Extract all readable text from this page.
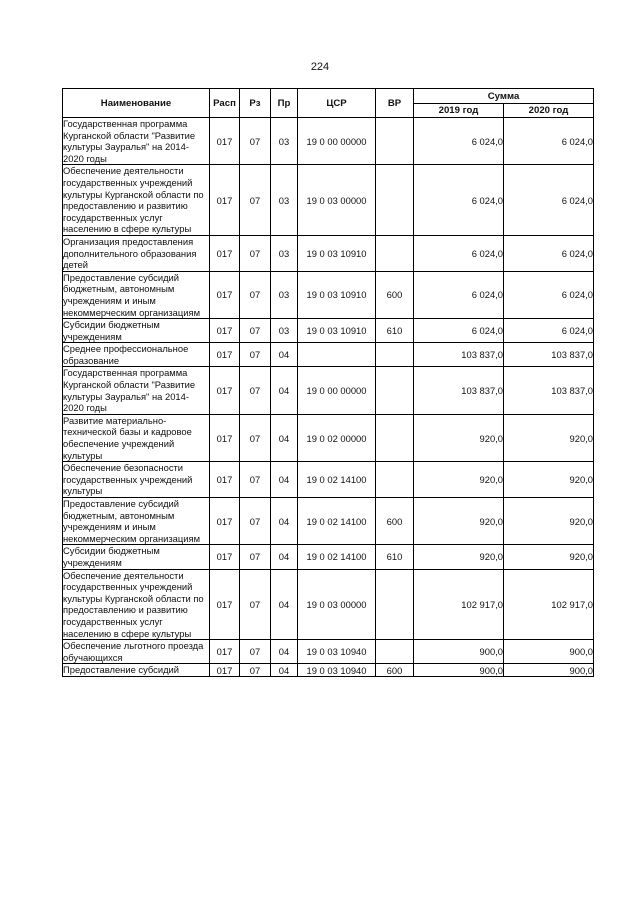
224
Наименование	Расп	Рз	Пр	ЦСР	ВР	Сумма	
						2019 год	2020 год
Государственная программа Курганской области "Развитие культуры Зауралья" на 2014-2020 годы	017	07	03	19 0 00 00000		6 024,0	6 024,0
Обеспечение деятельности государственных учреждений культуры Курганской области по предоставлению и развитию государственных услуг населению в сфере культуры	017	07	03	19 0 03 00000		6 024,0	6 024,0
Организация предоставления дополнительного образования детей	017	07	03	19 0 03 10910		6 024,0	6 024,0
Предоставление субсидий бюджетным, автономным учреждениям и иным некоммерческим организациям	017	07	03	19 0 03 10910	600	6 024,0	6 024,0
Субсидии бюджетным учреждениям	017	07	03	19 0 03 10910	610	6 024,0	6 024,0
Среднее профессиональное образование	017	07	04			103 837,0	103 837,0
Государственная программа Курганской области "Развитие культуры Зауралья" на 2014-2020 годы	017	07	04	19 0 00 00000		103 837,0	103 837,0
Развитие материально-технической базы и кадровое обеспечение учреждений культуры	017	07	04	19 0 02 00000		920,0	920,0
Обеспечение безопасности государственных учреждений культуры	017	07	04	19 0 02 14100		920,0	920,0
Предоставление субсидий бюджетным, автономным учреждениям и иным некоммерческим организациям	017	07	04	19 0 02 14100	600	920,0	920,0
Субсидии бюджетным учреждениям	017	07	04	19 0 02 14100	610	920,0	920,0
Обеспечение деятельности государственных учреждений культуры Курганской области по предоставлению и развитию государственных услуг населению в сфере культуры	017	07	04	19 0 03 00000		102 917,0	102 917,0
Обеспечение льготного проезда обучающихся	017	07	04	19 0 03 10940		900,0	900,0
Предоставление субсидий	017	07	04	19 0 03 10940	600	900,0	900,0
